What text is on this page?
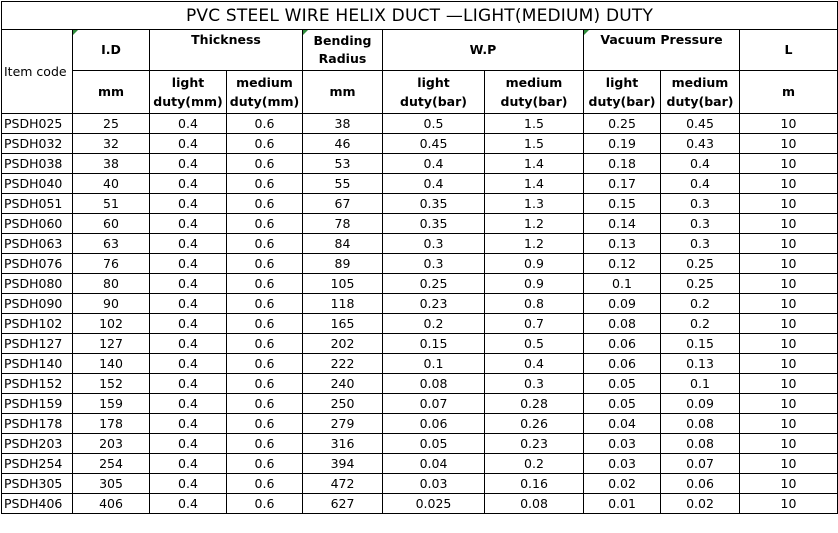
PVC STEEL WIRE HELIX DUCT —LIGHT(MEDIUM) DUTY									
Item code	I.D	Thickness		Bending Radius	W.P		Vacuum Pressure		L
	mm	light duty(mm)	medium duty(mm)	mm	light duty(bar)	medium duty(bar)	light duty(bar)	medium duty(bar)	m
PSDH025	25	0.4	0.6	38	0.5	1.5	0.25	0.45	10
PSDH032	32	0.4	0.6	46	0.45	1.5	0.19	0.43	10
PSDH038	38	0.4	0.6	53	0.4	1.4	0.18	0.4	10
PSDH040	40	0.4	0.6	55	0.4	1.4	0.17	0.4	10
PSDH051	51	0.4	0.6	67	0.35	1.3	0.15	0.3	10
PSDH060	60	0.4	0.6	78	0.35	1.2	0.14	0.3	10
PSDH063	63	0.4	0.6	84	0.3	1.2	0.13	0.3	10
PSDH076	76	0.4	0.6	89	0.3	0.9	0.12	0.25	10
PSDH080	80	0.4	0.6	105	0.25	0.9	0.1	0.25	10
PSDH090	90	0.4	0.6	118	0.23	0.8	0.09	0.2	10
PSDH102	102	0.4	0.6	165	0.2	0.7	0.08	0.2	10
PSDH127	127	0.4	0.6	202	0.15	0.5	0.06	0.15	10
PSDH140	140	0.4	0.6	222	0.1	0.4	0.06	0.13	10
PSDH152	152	0.4	0.6	240	0.08	0.3	0.05	0.1	10
PSDH159	159	0.4	0.6	250	0.07	0.28	0.05	0.09	10
PSDH178	178	0.4	0.6	279	0.06	0.26	0.04	0.08	10
PSDH203	203	0.4	0.6	316	0.05	0.23	0.03	0.08	10
PSDH254	254	0.4	0.6	394	0.04	0.2	0.03	0.07	10
PSDH305	305	0.4	0.6	472	0.03	0.16	0.02	0.06	10
PSDH406	406	0.4	0.6	627	0.025	0.08	0.01	0.02	10
